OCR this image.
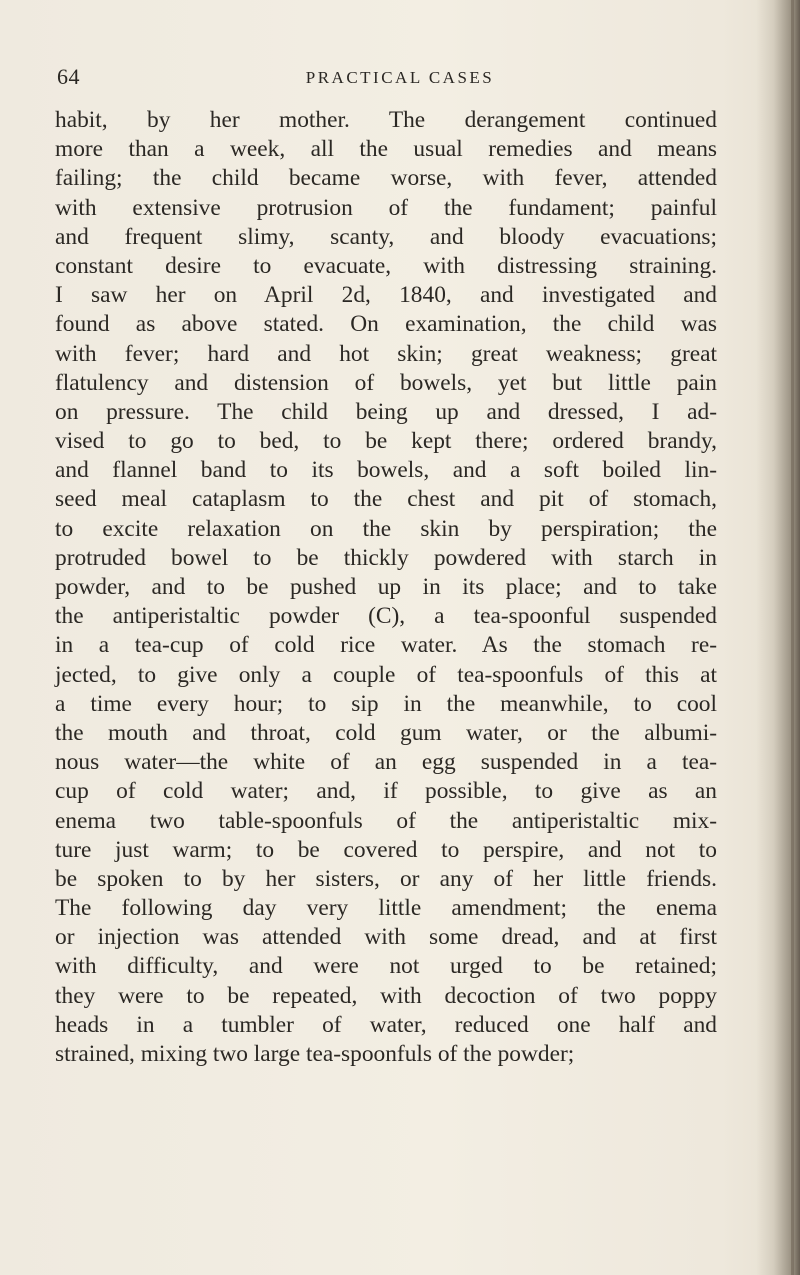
64	PRACTICAL CASES
habit, by her mother. The derangement continued
more than a week, all the usual remedies and means
failing; the child became worse, with fever, attended
with extensive protrusion of the fundament; painful
and frequent slimy, scanty, and bloody evacuations;
constant desire to evacuate, with distressing straining.
I saw her on April 2d, 1840, and investigated and
found as above stated. On examination, the child was
with fever; hard and hot skin; great weakness; great
flatulency and distension of bowels, yet but little pain
on pressure. The child being up and dressed, I ad-
vised to go to bed, to be kept there; ordered brandy,
and flannel band to its bowels, and a soft boiled lin-
seed meal cataplasm to the chest and pit of stomach,
to excite relaxation on the skin by perspiration; the
protruded bowel to be thickly powdered with starch in
powder, and to be pushed up in its place; and to take
the antiperistaltic powder (C), a tea-spoonful suspended
in a tea-cup of cold rice water. As the stomach re-
jected, to give only a couple of tea-spoonfuls of this at
a time every hour; to sip in the meanwhile, to cool
the mouth and throat, cold gum water, or the albumi-
nous water—the white of an egg suspended in a tea-
cup of cold water; and, if possible, to give as an
enema two table-spoonfuls of the antiperistaltic mix-
ture just warm; to be covered to perspire, and not to
be spoken to by her sisters, or any of her little friends.
The following day very little amendment; the enema
or injection was attended with some dread, and at first
with difficulty, and were not urged to be retained;
they were to be repeated, with decoction of two poppy
heads in a tumbler of water, reduced one half and
strained, mixing two large tea-spoonfuls of the powder;
